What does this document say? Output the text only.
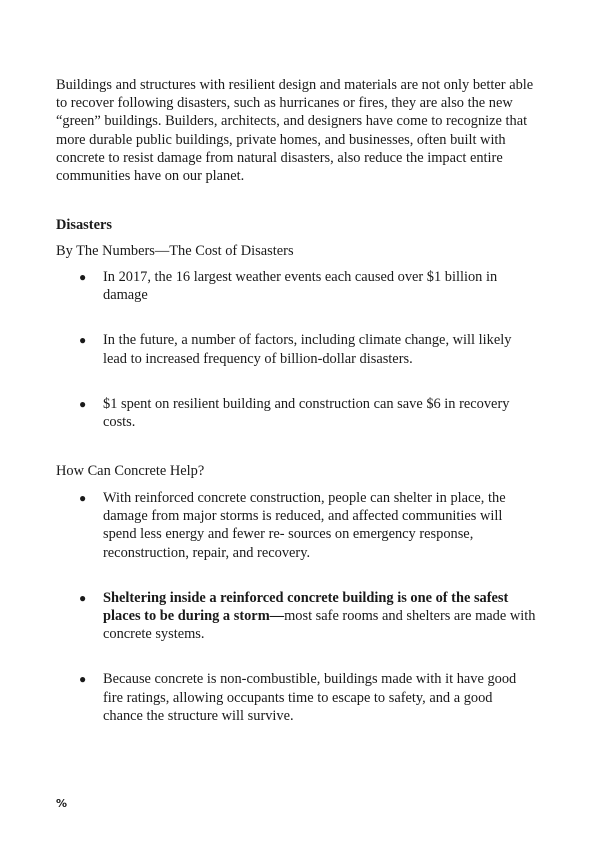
Buildings and structures with resilient design and materials are not only better able to recover following disasters, such as hurricanes or fires, they are also the new “green” buildings. Builders, architects, and designers have come to recognize that more durable public buildings, private homes, and businesses, often built with concrete to resist damage from natural disasters, also reduce the impact entire communities have on our planet.

Disasters

By The Numbers—The Cost of Disasters

● In 2017, the 16 largest weather events each caused over $1 billion in damage
● In the future, a number of factors, including climate change, will likely lead to increased frequency of billion-dollar disasters.
● $1 spent on resilient building and construction can save $6 in recovery costs.

How Can Concrete Help?

● With reinforced concrete construction, people can shelter in place, the damage from major storms is reduced, and affected communities will spend less energy and fewer re- sources on emergency response, reconstruction, repair, and recovery.
● Sheltering inside a reinforced concrete building is one of the safest places to be during a storm—most safe rooms and shelters are made with concrete systems.
● Because concrete is non-combustible, buildings made with it have good fire ratings, allowing occupants time to escape to safety, and a good chance the structure will survive.

%
